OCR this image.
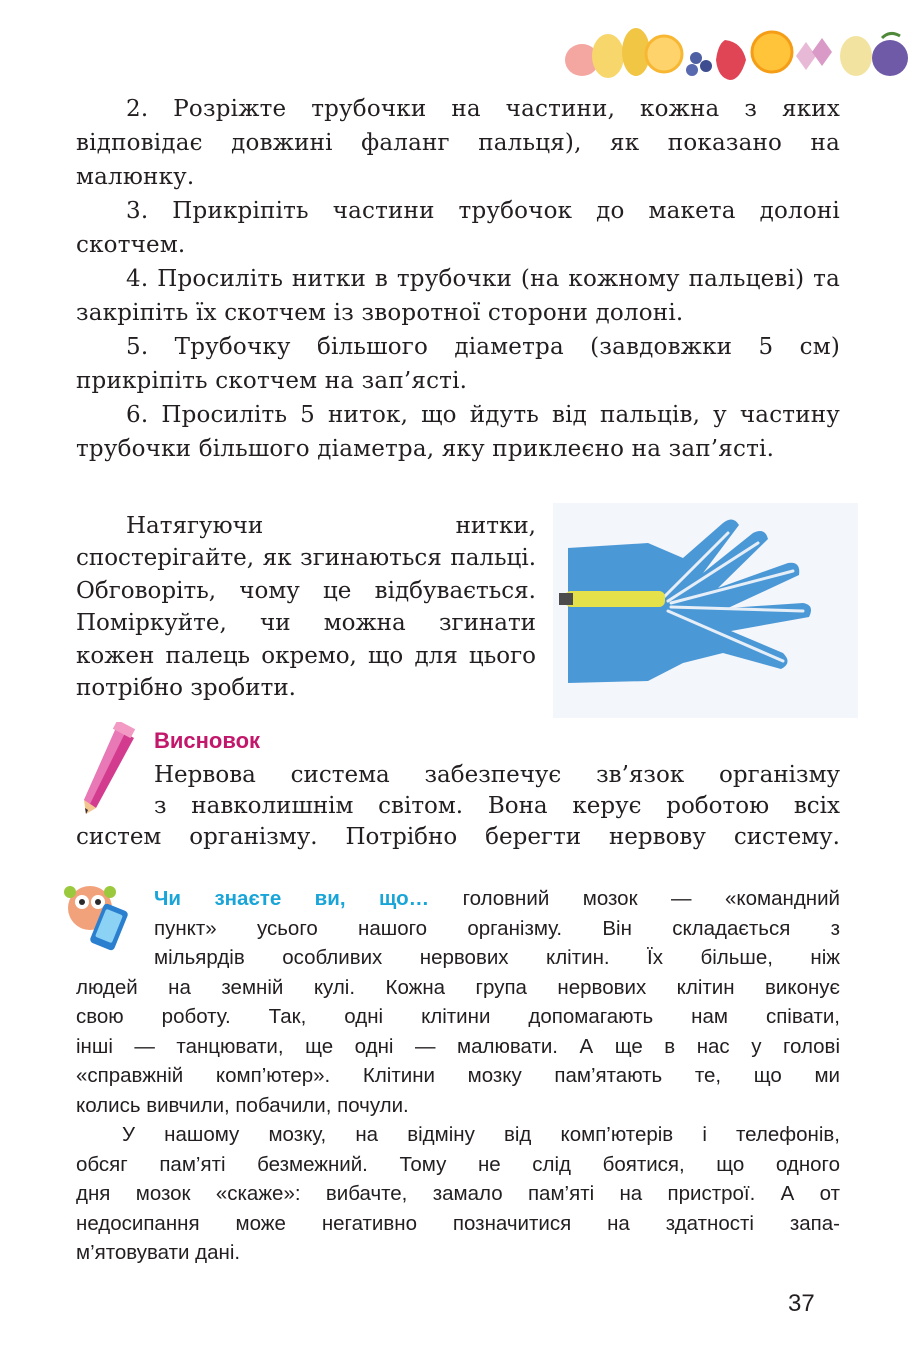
2. Розріжте трубочки на частини, кожна з яких відповідає довжині фаланг пальця), як показано на малюнку.

3. Прикріпіть частини трубочок до макета долоні скотчем.

4. Просиліть нитки в трубочки (на кожному пальцеві) та закріпіть їх скотчем із зворотної сторони долоні.

5. Трубочку більшого діаметра (завдовжки 5 см) прикріпіть скотчем на зап’ясті.

6. Просиліть 5 ниток, що йдуть від пальців, у частину трубочки більшого діаметра, яку приклеєно на зап’ясті.

Натягуючи нитки, спостерігайте, як згинаються пальці. Обговоріть, чому це відбувається. Поміркуйте, чи можна згинати кожен палець окремо, що для цього потрібно зробити.

Висновок
Нервова система забезпечує зв’язок організму
з навколишнім світом. Вона керує роботою всіх
систем організму. Потрібно берегти нервову систему.
Чи знаєте ви, що… головний мозок — «командний
пункт» усього нашого організму. Він складається з
мільярдів особливих нервових клітин. Їх більше, ніж
людей на земній кулі. Кожна група нервових клітин виконує
свою роботу. Так, одні клітини допомагають нам співати,
інші — танцювати, ще одні — малювати. А ще в нас у голові
«справжній комп’ютер». Клітини мозку пам’ятають те, що ми
колись вивчили, побачили, почули.
У нашому мозку, на відміну від комп’ютерів і телефонів,
обсяг пам’яті безмежний. Тому не слід боятися, що одного
дня мозок «скаже»: вибачте, замало пам’яті на пристрої. А от
недосипання може негативно позначитися на здатності запа-
м’ятовувати дані.

37
